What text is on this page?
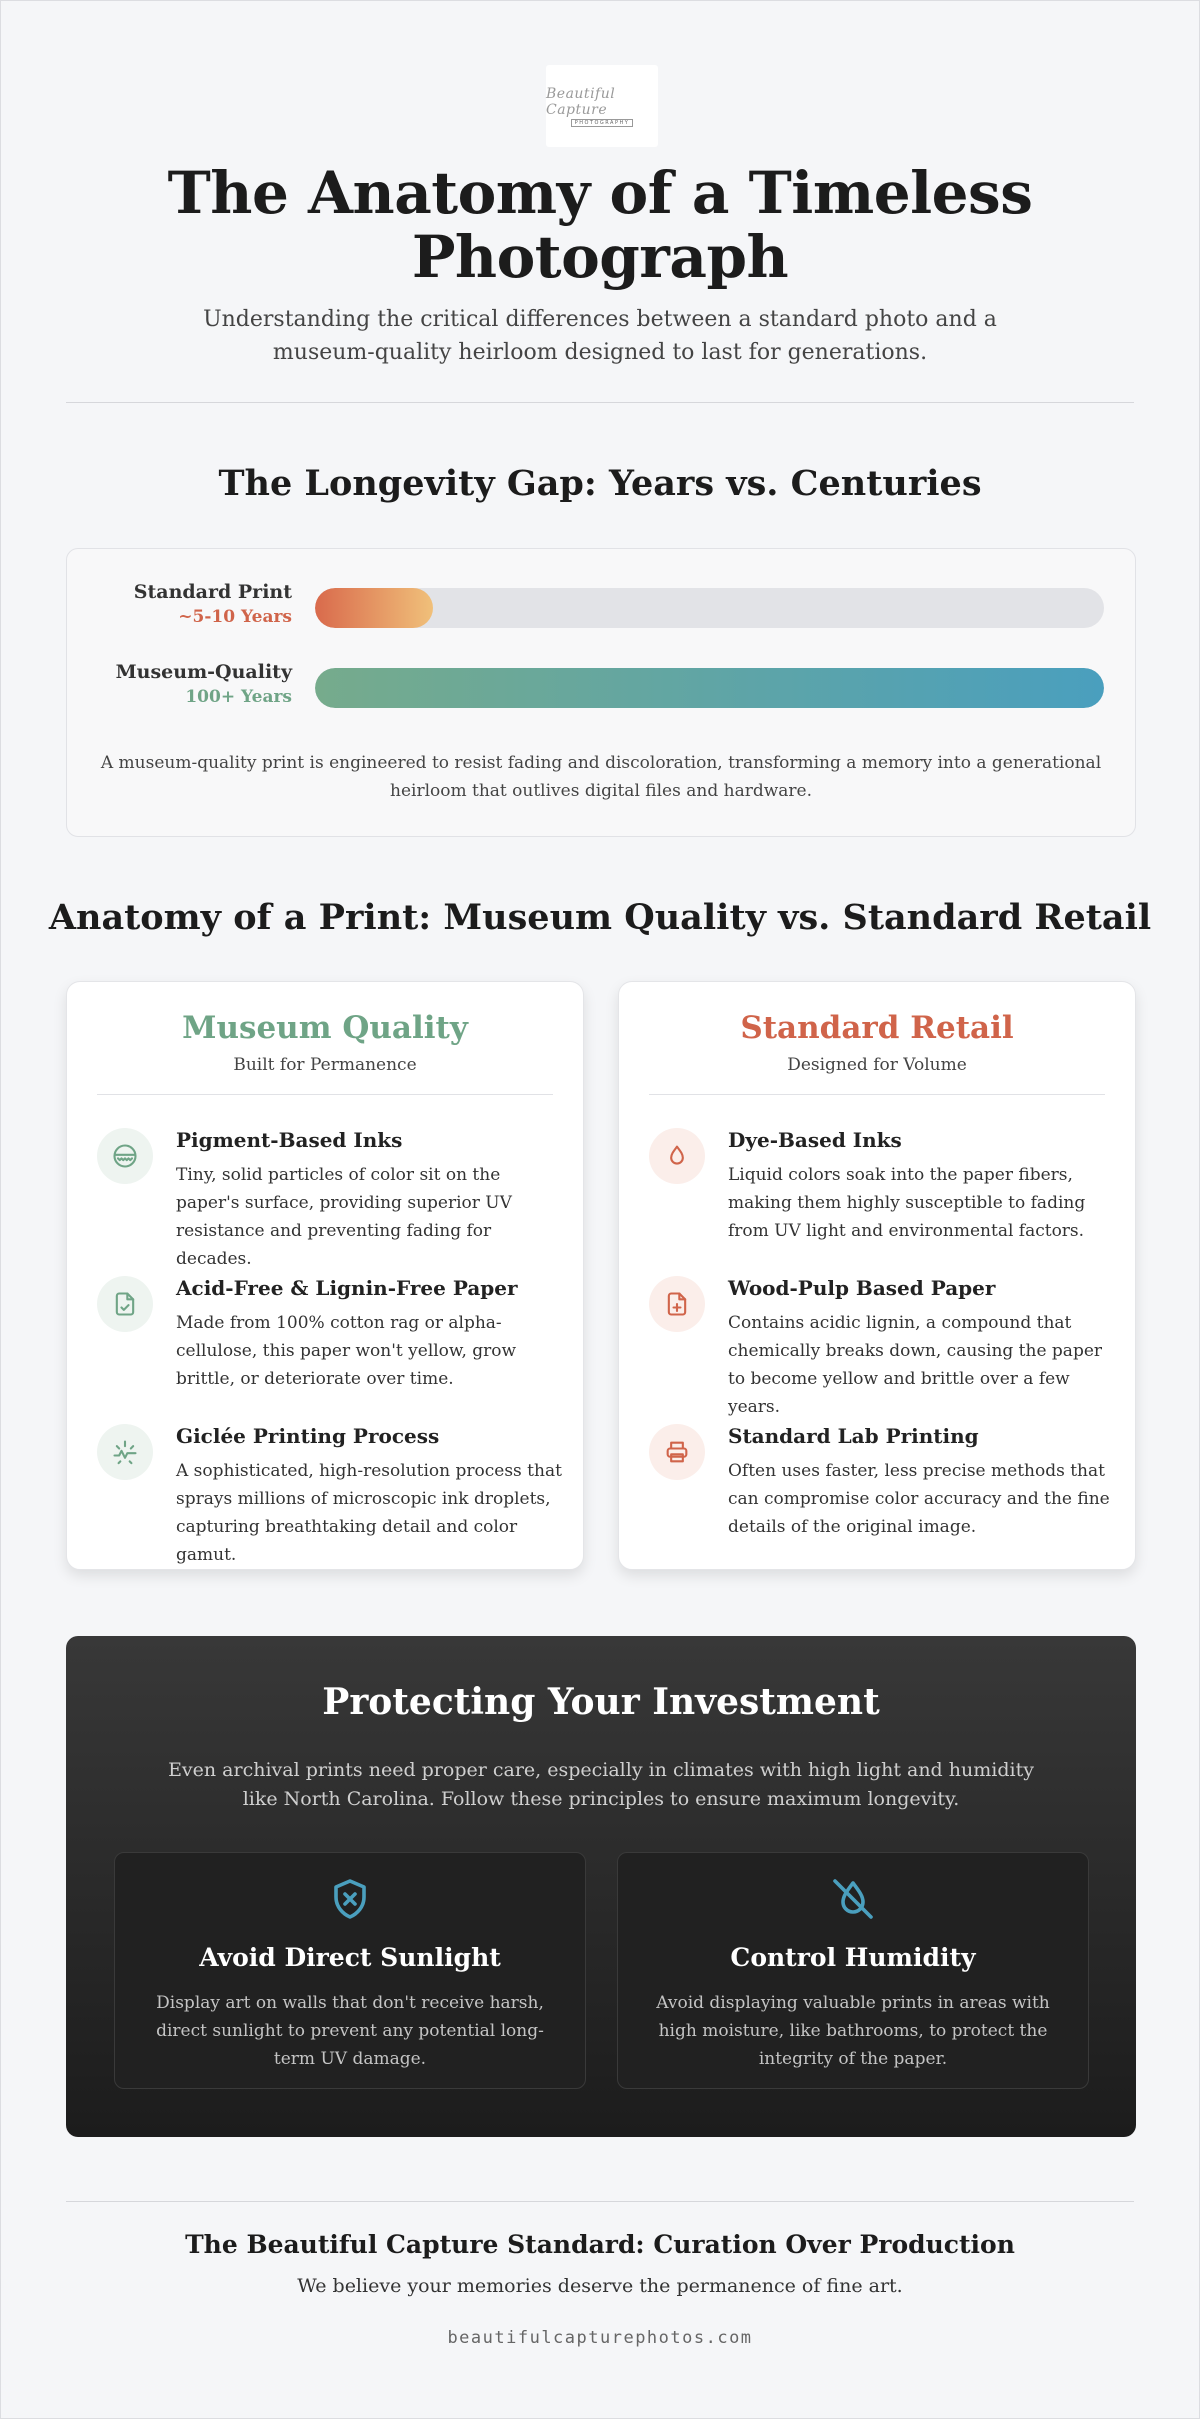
Beautiful Capture
PHOTOGRAPHY
The Anatomy of a Timeless Photograph

Understanding the critical differences between a standard photo and a museum-quality heirloom designed to last for generations.

The Longevity Gap: Years vs. Centuries
Standard Print
~5-10 Years
Museum-Quality
100+ Years

A museum-quality print is engineered to resist fading and discoloration, transforming a memory into a generational heirloom that outlives digital files and hardware.

Anatomy of a Print: Museum Quality vs. Standard Retail
Museum Quality
Built for Permanence
Pigment-Based Inks
Tiny, solid particles of color sit on the paper's surface, providing superior UV resistance and preventing fading for decades.
Acid-Free & Lignin-Free Paper
Made from 100% cotton rag or alpha-cellulose, this paper won't yellow, grow brittle, or deteriorate over time.
Giclée Printing Process
A sophisticated, high-resolution process that sprays millions of microscopic ink droplets, capturing breathtaking detail and color gamut.
Standard Retail
Designed for Volume
Dye-Based Inks
Liquid colors soak into the paper fibers, making them highly susceptible to fading from UV light and environmental factors.
Wood-Pulp Based Paper
Contains acidic lignin, a compound that chemically breaks down, causing the paper to become yellow and brittle over a few years.
Standard Lab Printing
Often uses faster, less precise methods that can compromise color accuracy and the fine details of the original image.
Protecting Your Investment

Even archival prints need proper care, especially in climates with high light and humidity like North Carolina. Follow these principles to ensure maximum longevity.

Avoid Direct Sunlight
Display art on walls that don't receive harsh, direct sunlight to prevent any potential long-term UV damage.
Control Humidity
Avoid displaying valuable prints in areas with high moisture, like bathrooms, to protect the integrity of the paper.
The Beautiful Capture Standard: Curation Over Production
We believe your memories deserve the permanence of fine art.
beautifulcapturephotos.com
